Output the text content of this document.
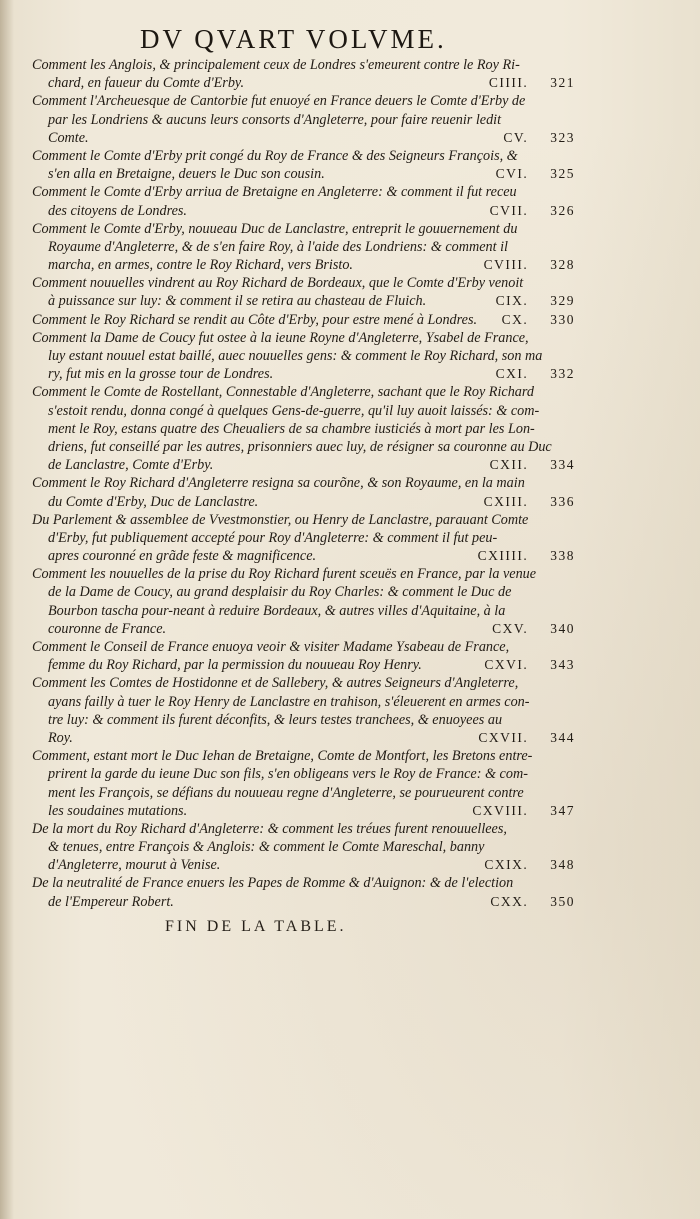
DV QVART VOLVME.
Comment les Anglois, & principalement ceux de Londres s'emeurent contre le Roy Ri-
chard, en faueur du Comte d'Erby.	CIIII. 321
Comment l'Archeuesque de Cantorbie fut enuoyé en France deuers le Comte d'Erby de
par les Londriens & aucuns leurs consorts d'Angleterre, pour faire reuenir ledit
Comte.	CV. 323
Comment le Comte d'Erby prit congé du Roy de France & des Seigneurs François, &
s'en alla en Bretaigne, deuers le Duc son cousin.	CVI. 325
Comment le Comte d'Erby arriua de Bretaigne en Angleterre: & comment il fut receu
des citoyens de Londres.	CVII. 326
Comment le Comte d'Erby, nouueau Duc de Lanclastre, entreprit le gouuernement du
Royaume d'Angleterre, & de s'en faire Roy, à l'aide des Londriens: & comment il
marcha, en armes, contre le Roy Richard, vers Bristo.	CVIII. 328
Comment nouuelles vindrent au Roy Richard de Bordeaux, que le Comte d'Erby venoit
à puissance sur luy: & comment il se retira au chasteau de Fluich.	CIX. 329
Comment le Roy Richard se rendit au Côte d'Erby, pour estre mené à Londres. CX. 330
Comment la Dame de Coucy fut ostee à la ieune Royne d'Angleterre, Ysabel de France,
luy estant nouuel estat baillé, auec nouuelles gens: & comment le Roy Richard, son ma
ry, fut mis en la grosse tour de Londres.	CXI. 332
Comment le Comte de Rostellant, Connestable d'Angleterre, sachant que le Roy Richard
s'estoit rendu, donna congé à quelques Gens-de-guerre, qu'il luy auoit laissés: & com-
ment le Roy, estans quatre des Cheualiers de sa chambre iusticiés à mort par les Lon-
driens, fut conseillé par les autres, prisonniers auec luy, de résigner sa couronne au Duc
de Lanclastre, Comte d'Erby.	CXII. 334
Comment le Roy Richard d'Angleterre resigna sa courõne, & son Royaume, en la main
du Comte d'Erby, Duc de Lanclastre.	CXIII. 336
Du Parlement & assemblee de Vvestmonstier, ou Henry de Lanclastre, parauant Comte
d'Erby, fut publiquement accepté pour Roy d'Angleterre: & comment il fut peu-
apres couronné en grãde feste & magnificence.	CXIIII. 338
Comment les nouuelles de la prise du Roy Richard furent sceuës en France, par la venue
de la Dame de Coucy, au grand desplaisir du Roy Charles: & comment le Duc de
Bourbon tascha pour-neant à reduire Bordeaux, & autres villes d'Aquitaine, à la
couronne de France.	CXV. 340
Comment le Conseil de France enuoya veoir & visiter Madame Ysabeau de France,
femme du Roy Richard, par la permission du nouueau Roy Henry.	CXVI. 343
Comment les Comtes de Hostidonne et de Sallebery, & autres Seigneurs d'Angleterre,
ayans failly à tuer le Roy Henry de Lanclastre en trahison, s'éleuerent en armes con-
tre luy: & comment ils furent déconfits, & leurs testes tranchees, & enuoyees au
Roy.	CXVII. 344
Comment, estant mort le Duc Iehan de Bretaigne, Comte de Montfort, les Bretons entre-
prirent la garde du ieune Duc son fils, s'en obligeans vers le Roy de France: & com-
ment les François, se défians du nouueau regne d'Angleterre, se pourueurent contre
les soudaines mutations.	CXVIII. 347
De la mort du Roy Richard d'Angleterre: & comment les tréues furent renouuellees,
& tenues, entre François & Anglois: & comment le Comte Mareschal, banny
d'Angleterre, mourut à Venise.	CXIX. 348
De la neutralité de France enuers les Papes de Romme & d'Auignon: & de l'election
de l'Empereur Robert.	CXX. 350
FIN DE LA TABLE.
